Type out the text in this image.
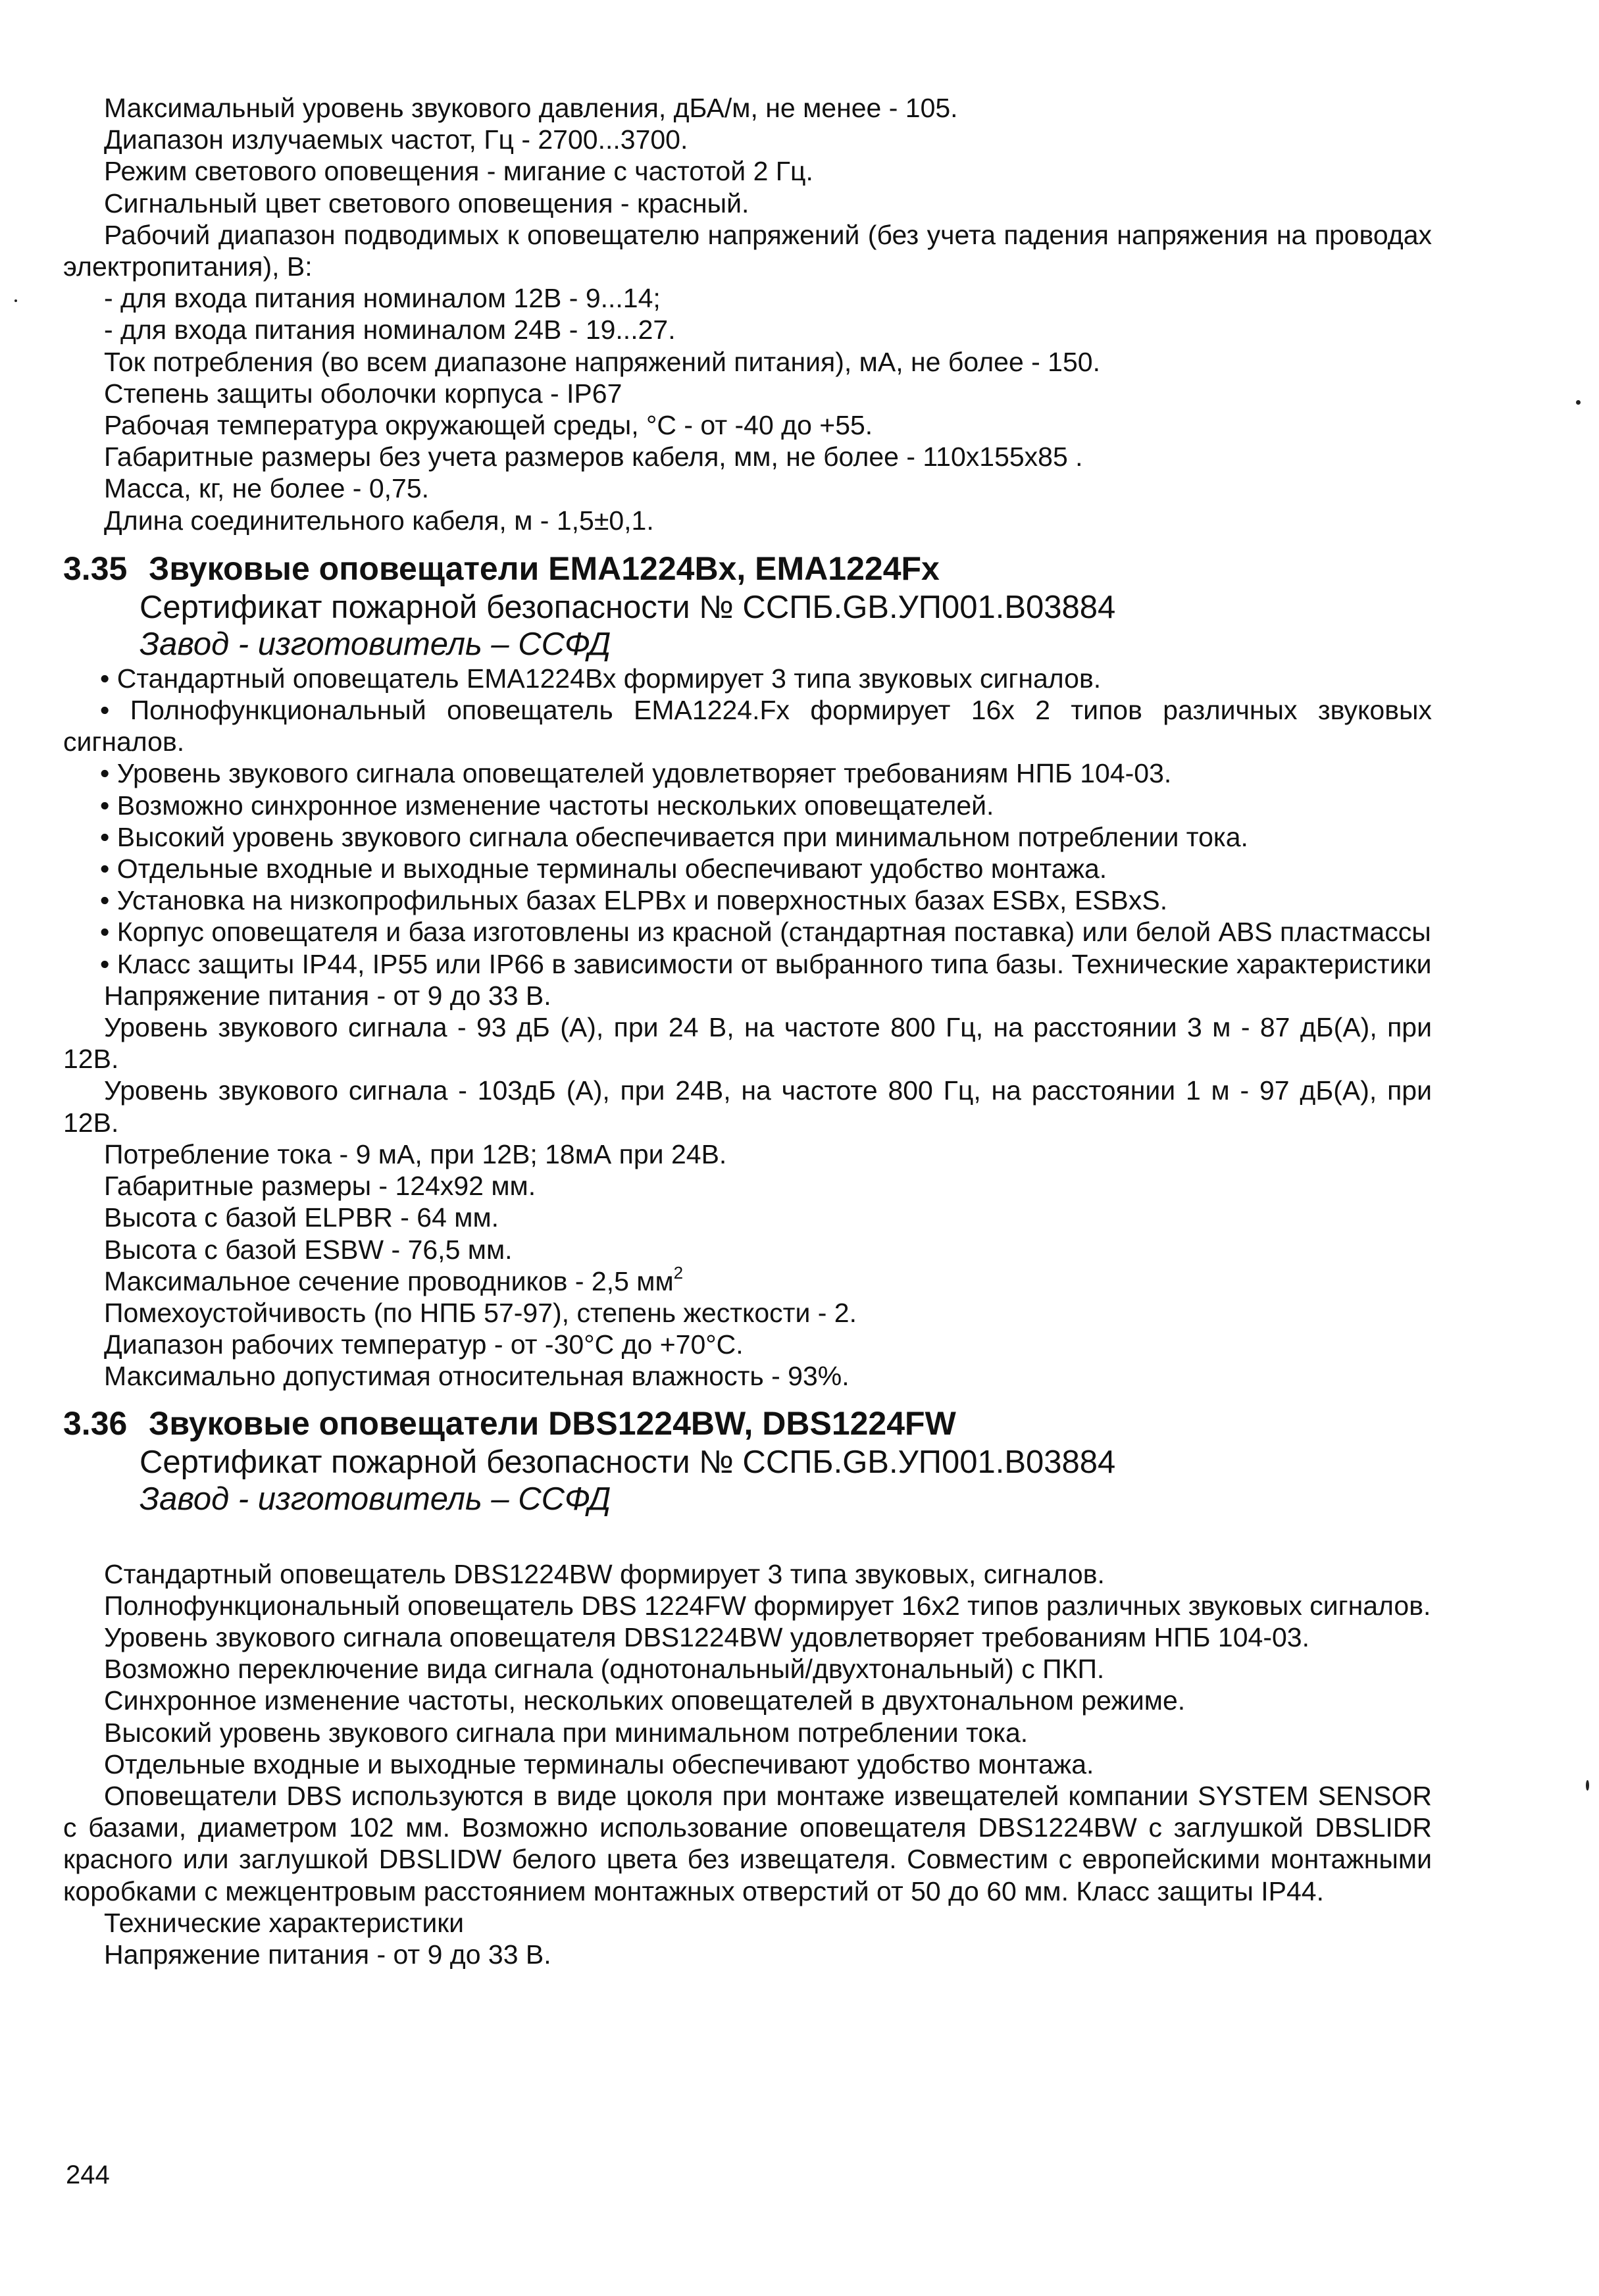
Максимальный уровень звукового давления, дБА/м, не менее - 105.

Диапазон излучаемых частот, Гц - 2700...3700.

Режим светового оповещения - мигание с частотой 2 Гц.

Сигнальный цвет светового оповещения - красный.

Рабочий диапазон подводимых к оповещателю напряжений (без учета падения напряжения на проводах электропитания), В:

- для входа питания номиналом 12В - 9...14;

- для входа питания номиналом 24В - 19...27.

Ток потребления (во всем диапазоне напряжений питания), мА, не более - 150.

Степень защиты оболочки корпуса - IP67

Рабочая температура окружающей среды, °С - от -40 до +55.

Габаритные размеры без учета размеров кабеля, мм, не более - 110x155x85 .

Масса, кг, не более - 0,75.

Длина соединительного кабеля, м - 1,5±0,1.

3.35 Звуковые оповещатели EMA1224Bx, EMA1224Fx

Сертификат пожарной безопасности № ССПБ.GB.УП001.В03884

Завод - изготовитель – ССФД

• Стандартный оповещатель ЕМА1224Вх формирует 3 типа звуковых сигналов.

• Полнофункциональный оповещатель ЕМА1224.Fx формирует 16x 2 типов различных звуковых сигналов.

• Уровень звукового сигнала оповещателей удовлетворяет требованиям НПБ 104-03.

• Возможно синхронное изменение частоты нескольких оповещателей.

• Высокий уровень звукового сигнала обеспечивается при минимальном потреблении тока.

• Отдельные входные и выходные терминалы обеспечивают удобство монтажа.

• Установка на низкопрофильных базах ELPBx и поверхностных базах ESBx, ESBxS.

• Корпус оповещателя и база изготовлены из красной (стандартная поставка) или белой ABS пластмассы

• Класс защиты IP44, IP55 или IP66 в зависимости от выбранного типа базы. Технические характеристики

Напряжение питания - от 9 до 33 В.

Уровень звукового сигнала - 93 дБ (А), при 24 В, на частоте 800 Гц, на расстоянии 3 м - 87 дБ(А), при 12В.

Уровень звукового сигнала - 103дБ (А), при 24В, на частоте 800 Гц, на расстоянии 1 м - 97 дБ(А), при 12В.

Потребление тока - 9 мА, при 12В; 18мА при 24В.

Габаритные размеры - 124x92 мм.

Высота с базой ELPBR - 64 мм.

Высота с базой ESBW - 76,5 мм.

Максимальное сечение проводников - 2,5 $мм^2$

Помехоустойчивость (по НПБ 57-97), степень жесткости - 2.

Диапазон рабочих температур - от -30°С до +70°С.

Максимально допустимая относительная влажность - 93%.

3.36 Звуковые оповещатели DBS1224BW, DBS1224FW

Сертификат пожарной безопасности № ССПБ.GB.УП001.В03884

Завод - изготовитель – ССФД

Стандартный оповещатель DBS1224BW формирует 3 типа звуковых, сигналов.

Полнофункциональный оповещатель DBS 1224FW формирует 16x2 типов различных звуковых сигналов.

Уровень звукового сигнала оповещателя DBS1224BW удовлетворяет требованиям НПБ 104-03.

Возможно переключение вида сигнала (однотональный/двухтональный) с ПКП.

Синхронное изменение частоты, нескольких оповещателей в двухтональном режиме.

Высокий уровень звукового сигнала при минимальном потреблении тока.

Отдельные входные и выходные терминалы обеспечивают удобство монтажа.

Оповещатели DBS используются в виде цоколя при монтаже извещателей компании SYSTEM SENSOR с базами, диаметром 102 мм. Возможно использование оповещателя DBS1224BW с заглушкой DBSLIDR красного или заглушкой DBSLIDW белого цвета без извещателя. Совместим с европейскими монтажными коробками с межцентровым расстоянием монтажных отверстий от 50 до 60 мм. Класс защиты IP44.

Технические характеристики

Напряжение питания - от 9 до 33 В.

244
